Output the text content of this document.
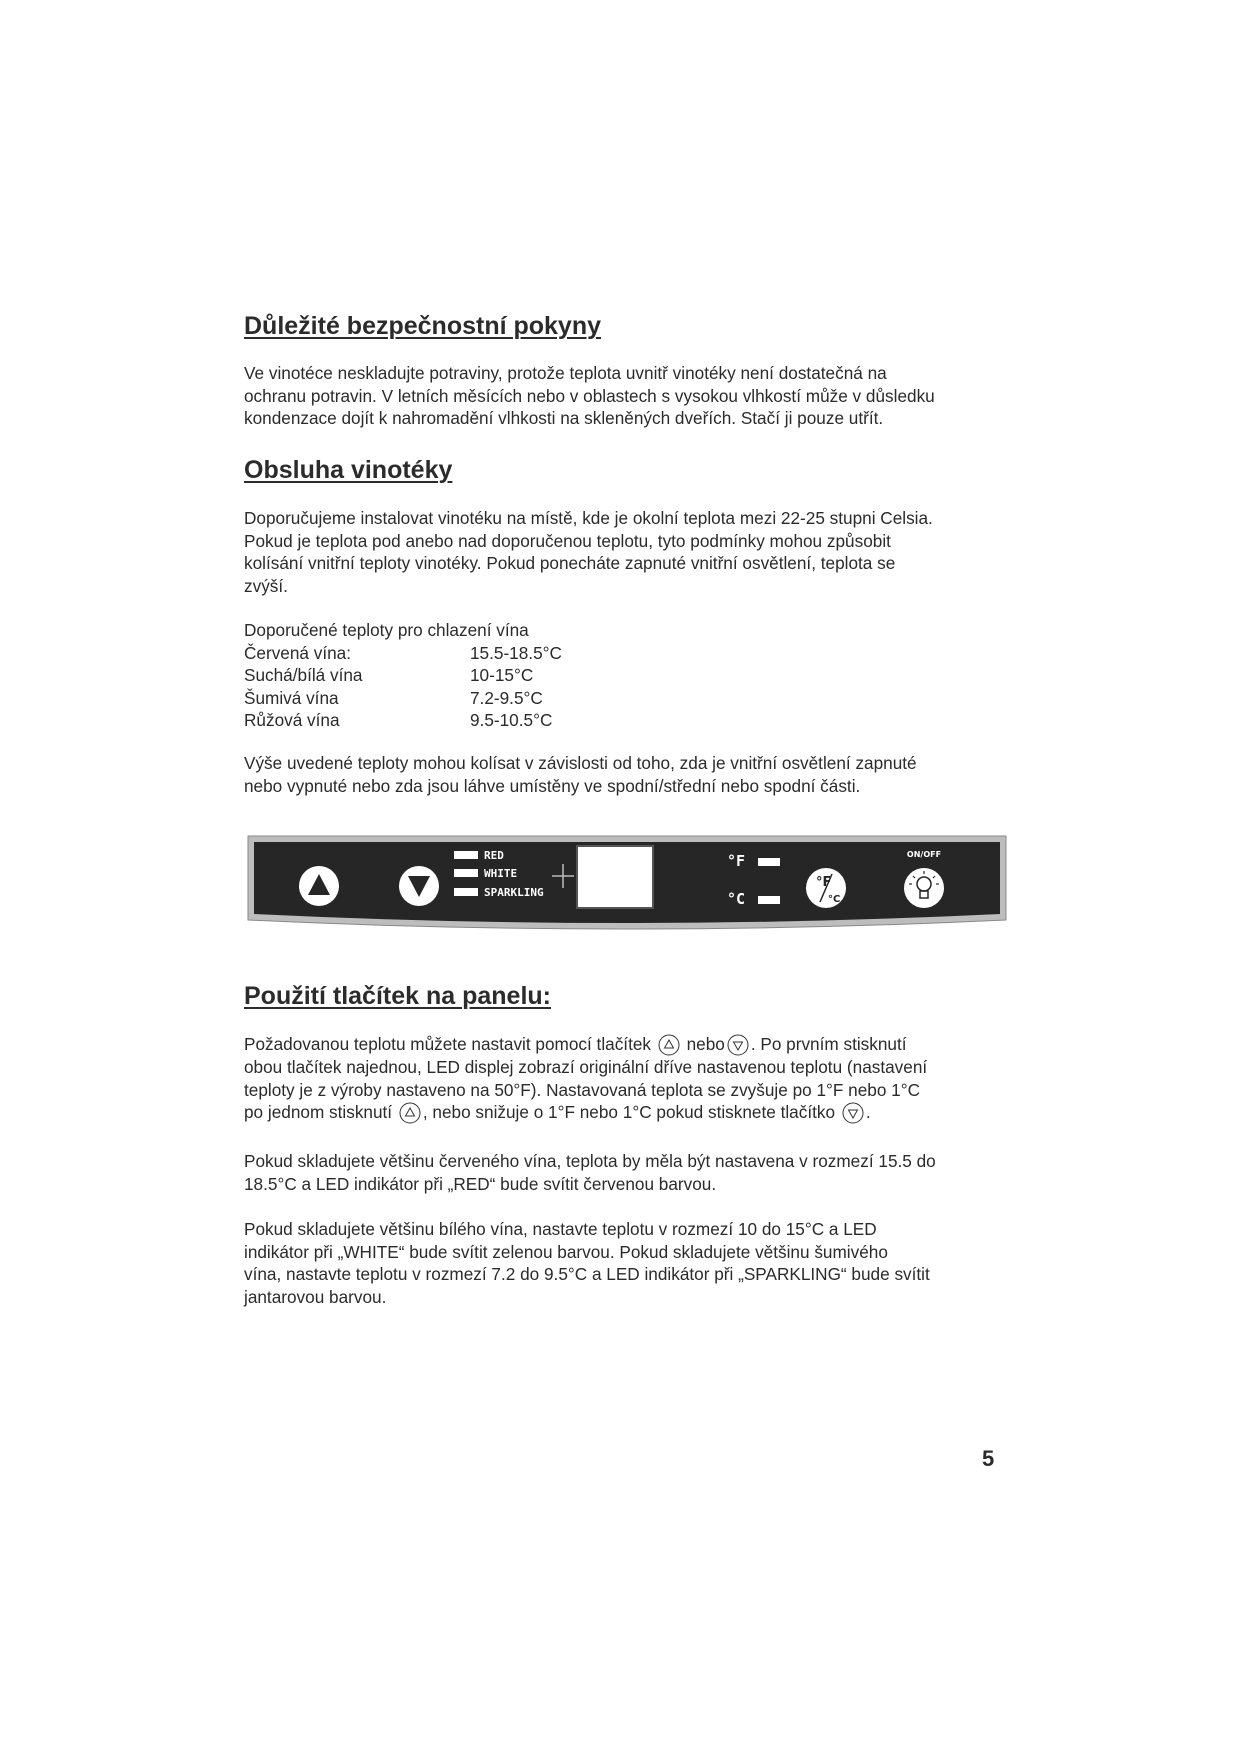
Důležité bezpečnostní pokyny
Ve vinotéce neskladujte potraviny, protože teplota uvnitř vinotéky není dostatečná na
ochranu potravin. V letních měsících nebo v oblastech s vysokou vlhkostí může v důsledku
kondenzace dojít k nahromadění vlhkosti na skleněných dveřích. Stačí ji pouze utřít.
Obsluha vinotéky
Doporučujeme instalovat vinotéku na místě, kde je okolní teplota mezi 22-25 stupni Celsia.
Pokud je teplota pod anebo nad doporučenou teplotu, tyto podmínky mohou způsobit
kolísání vnitřní teploty vinotéky. Pokud ponecháte zapnuté vnitřní osvětlení, teplota se
zvýší.
Doporučené teploty pro chlazení vína
Červená vína:	15.5-18.5°C
Suchá/bílá vína	10-15°C
Šumivá vína	7.2-9.5°C
Růžová vína	9.5-10.5°C
Výše uvedené teploty mohou kolísat v závislosti od toho, zda je vnitřní osvětlení zapnuté
nebo vypnuté nebo zda jsou láhve umístěny ve spodní/střední nebo spodní části.
RED
WHITE
SPARKLING
°F
°C
°F
°C
ON/OFF
Použití tlačítek na panelu:
Požadovanou teplotu můžete nastavit pomocí tlačítek nebo . Po prvním stisknutí
obou tlačítek najednou, LED displej zobrazí originální dříve nastavenou teplotu (nastavení
teploty je z výroby nastaveno na 50°F). Nastavovaná teplota se zvyšuje po 1°F nebo 1°C
po jednom stisknutí , nebo snižuje o 1°F nebo 1°C pokud stisknete tlačítko .
Pokud skladujete většinu červeného vína, teplota by měla být nastavena v rozmezí 15.5 do
18.5°C a LED indikátor při „RED“ bude svítit červenou barvou.
Pokud skladujete většinu bílého vína, nastavte teplotu v rozmezí 10 do 15°C a LED
indikátor při „WHITE“ bude svítit zelenou barvou. Pokud skladujete většinu šumivého
vína, nastavte teplotu v rozmezí 7.2 do 9.5°C a LED indikátor při „SPARKLING“ bude svítit
jantarovou barvou.
5
